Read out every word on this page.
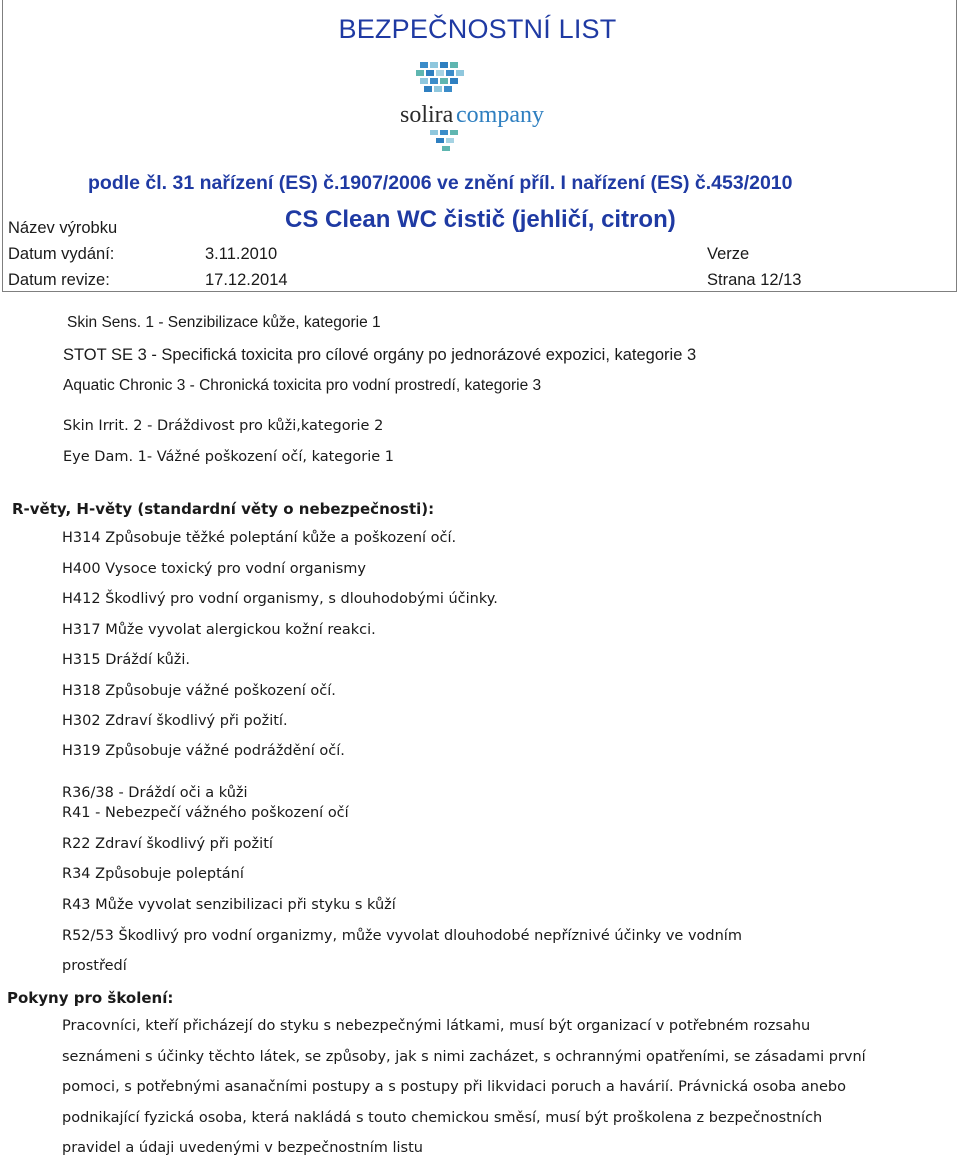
BEZPEČNOSTNÍ LIST
solira company
podle čl. 31 nařízení (ES) č.1907/2006 ve znění příl. I nařízení (ES) č.453/2010
Název výrobku	CS Clean WC čistič (jehličí, citron)
Datum vydání:	3.11.2010	Verze
Datum revize:	17.12.2014	Strana 12/13
Skin Sens. 1 - Senzibilizace kůže, kategorie 1
STOT SE 3 - Specifická toxicita pro cílové orgány po jednorázové expozici, kategorie 3
Aquatic Chronic 3 - Chronická toxicita pro vodní prostredí, kategorie 3
Skin Irrit. 2 - Dráždivost pro kůži,kategorie 2
Eye Dam. 1- Vážné poškození očí, kategorie 1
R-věty, H-věty (standardní věty o nebezpečnosti):
H314 Způsobuje těžké poleptání kůže a poškození očí.
H400 Vysoce toxický pro vodní organismy
H412 Škodlivý pro vodní organismy, s dlouhodobými účinky.
H317 Může vyvolat alergickou kožní reakci.
H315 Dráždí kůži.
H318 Způsobuje vážné poškození očí.
H302 Zdraví škodlivý při požití.
H319 Způsobuje vážné podráždění očí.
R36/38 - Dráždí oči a kůži
R41 - Nebezpečí vážného poškození očí
R22 Zdraví škodlivý při požití
R34 Způsobuje poleptání
R43 Může vyvolat senzibilizaci při styku s kůží
R52/53 Škodlivý pro vodní organizmy, může vyvolat dlouhodobé nepříznivé účinky ve vodním
prostředí
Pokyny pro školení:
Pracovníci, kteří přicházejí do styku s nebezpečnými látkami, musí být organizací v potřebném rozsahu
seznámeni s účinky těchto látek, se způsoby, jak s nimi zacházet, s ochrannými opatřeními, se zásadami první
pomoci, s potřebnými asanačními postupy a s postupy při likvidaci poruch a havárií. Právnická osoba anebo
podnikající fyzická osoba, která nakládá s touto chemickou směsí, musí být proškolena z bezpečnostních
pravidel a údaji uvedenými v bezpečnostním listu
